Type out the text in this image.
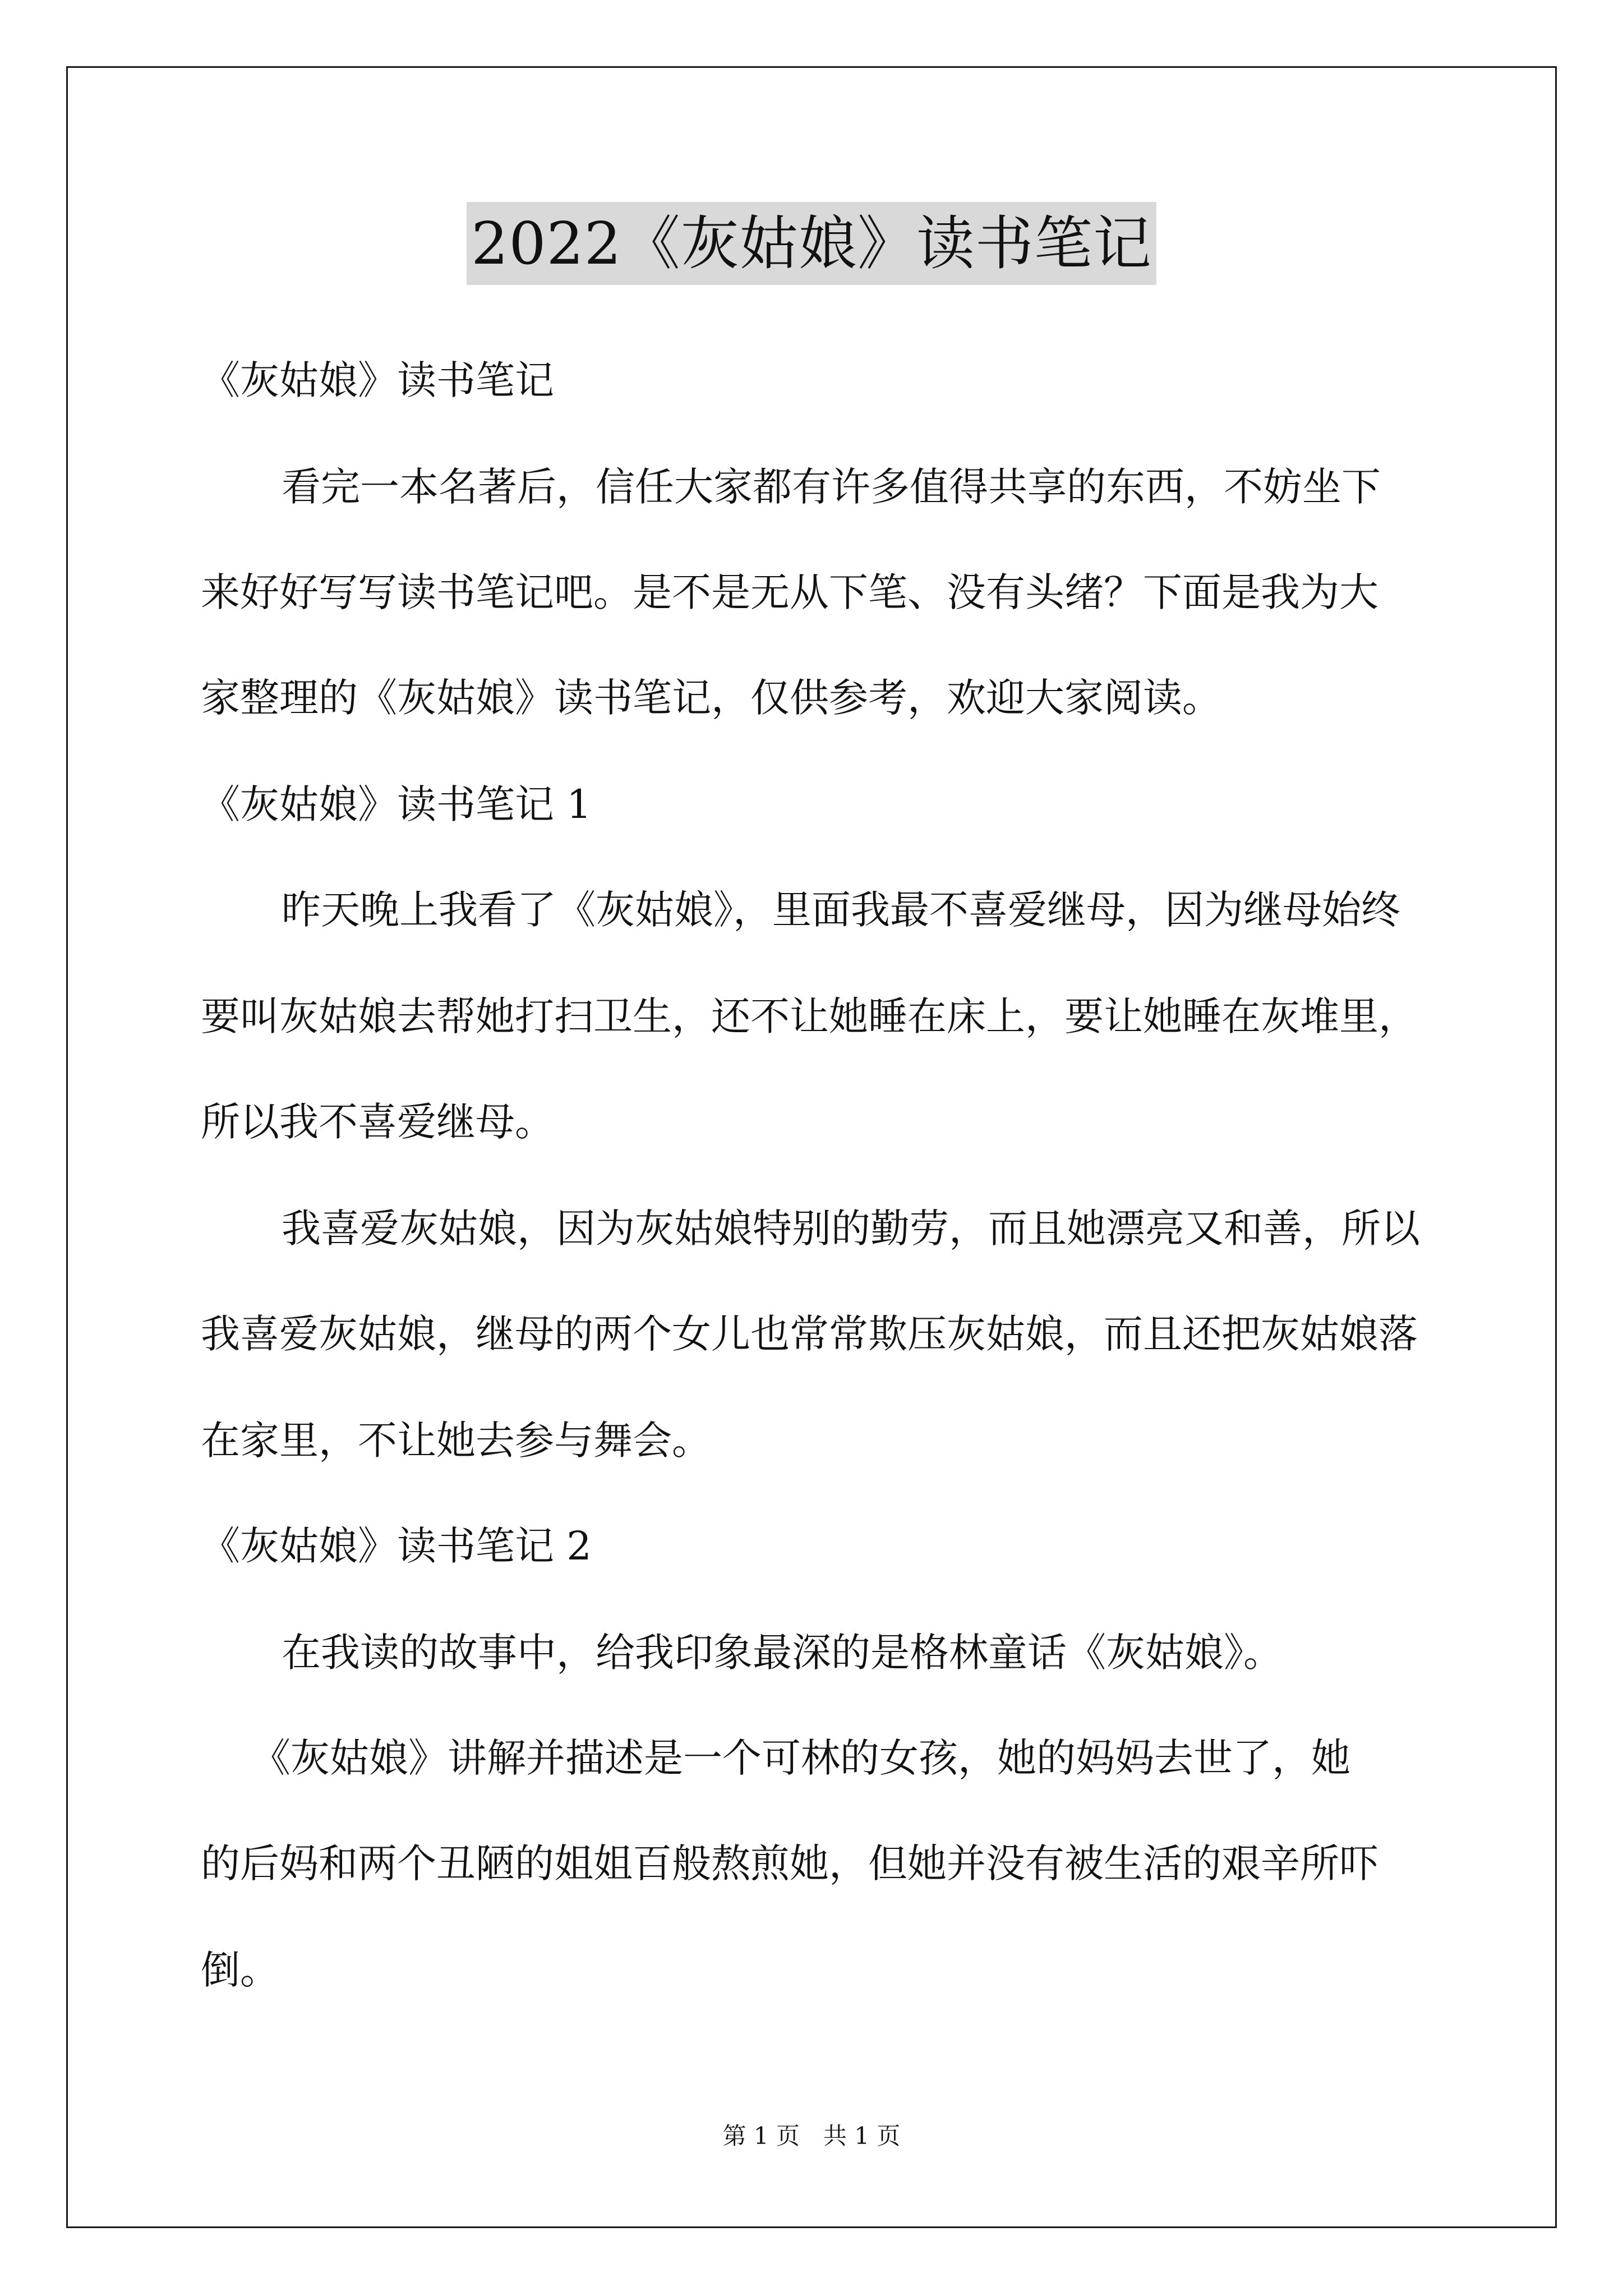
2022《灰姑娘》读书笔记
《灰姑娘》读书笔记
看完一本名著后，信任大家都有许多值得共享的东西，不妨坐下
来好好写写读书笔记吧。是不是无从下笔、没有头绪？下面是我为大
家整理的《灰姑娘》读书笔记，仅供参考，欢迎大家阅读。
《灰姑娘》读书笔记 1
昨天晚上我看了《灰姑娘》，里面我最不喜爱继母，因为继母始终
要叫灰姑娘去帮她打扫卫生，还不让她睡在床上，要让她睡在灰堆里，
所以我不喜爱继母。
我喜爱灰姑娘，因为灰姑娘特别的勤劳，而且她漂亮又和善，所以
我喜爱灰姑娘，继母的两个女儿也常常欺压灰姑娘，而且还把灰姑娘落
在家里，不让她去参与舞会。
《灰姑娘》读书笔记 2
在我读的故事中，给我印象最深的是格林童话《灰姑娘》。
《灰姑娘》讲解并描述是一个可林的女孩，她的妈妈去世了，她
的后妈和两个丑陋的姐姐百般熬煎她，但她并没有被生活的艰辛所吓
倒。
第 1 页　共 1 页
